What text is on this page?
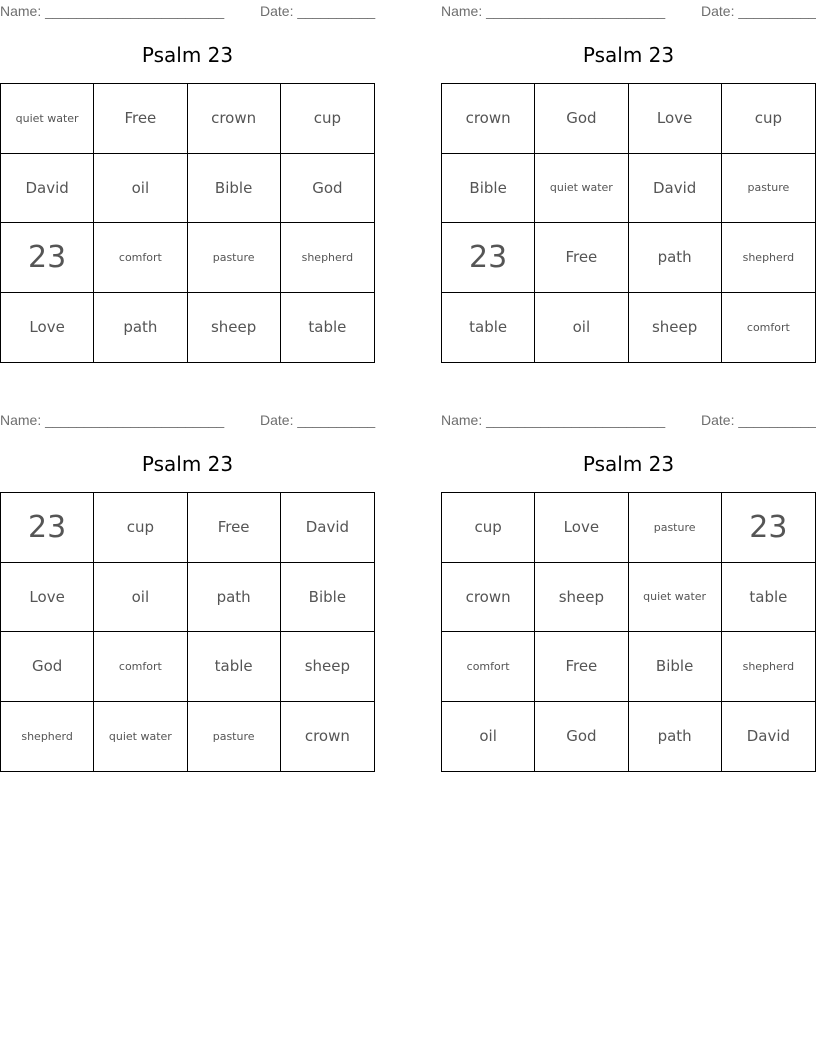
Name: _______________________	Date: __________
Psalm 23
quiet water	Free	crown	cup
David	oil	Bible	God
23	comfort	pasture	shepherd
Love	path	sheep	table
Name: _______________________	Date: __________
Psalm 23
crown	God	Love	cup
Bible	quiet water	David	pasture
23	Free	path	shepherd
table	oil	sheep	comfort
Name: _______________________	Date: __________
Psalm 23
23	cup	Free	David
Love	oil	path	Bible
God	comfort	table	sheep
shepherd	quiet water	pasture	crown
Name: _______________________	Date: __________
Psalm 23
cup	Love	pasture	23
crown	sheep	quiet water	table
comfort	Free	Bible	shepherd
oil	God	path	David
